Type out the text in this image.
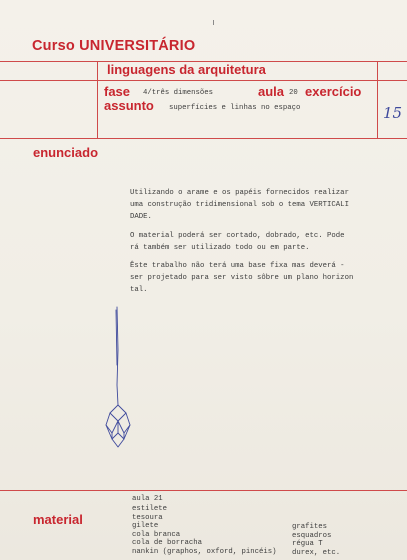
Curso UNIVERSITÁRIO
linguagens da arquitetura
fase 4/três dimensões	aula 20 exercício
assunto superfícies e linhas no espaço	15
enunciado
Utilizando o arame e os papéis fornecidos realizar
uma construção tridimensional sob o tema VERTICALI
DADE.
O material poderá ser cortado, dobrado, etc. Pode
rá também ser utilizado todo ou em parte.
Êste trabalho não terá uma base fixa mas deverá -
ser projetado para ser visto sôbre um plano horizon
tal.
aula 21
material
estilete
tesoura
gilete
cola branca
cola de borracha
nankin (graphos, oxford, pincéis)
grafites
esquadros
régua T
durex, etc.
